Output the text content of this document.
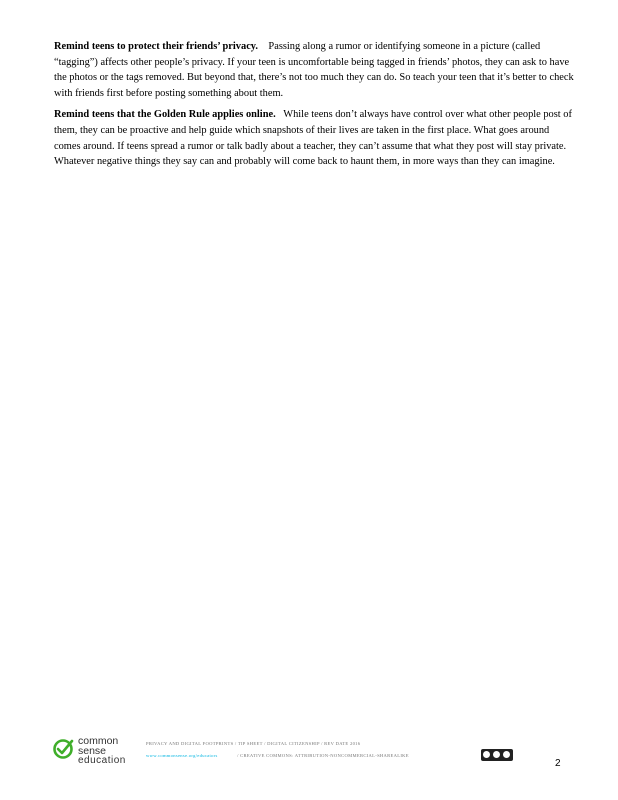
Remind teens to protect their friends’ privacy. Passing along a rumor or identifying someone in a picture (called “tagging”) affects other people’s privacy. If your teen is uncomfortable being tagged in friends’ photos, they can ask to have the photos or the tags removed. But beyond that, there’s not too much they can do. So teach your teen that it’s better to check with friends first before posting something about them.

Remind teens that the Golden Rule applies online. While teens don’t always have control over what other people post of them, they can be proactive and help guide which snapshots of their lives are taken in the first place. What goes around comes around. If teens spread a rumor or talk badly about a teacher, they can’t assume that what they post will stay private. Whatever negative things they say can and probably will come back to haunt them, in more ways than they can imagine.

common
sense
education
PRIVACY AND DIGITAL FOOTPRINTS / TIP SHEET / DIGITAL CITIZENSHIP / REV DATE 2016
www.commonsense.org/educators	/ CREATIVE COMMONS: ATTRIBUTION-NONCOMMERCIAL-SHAREALIKE
2
